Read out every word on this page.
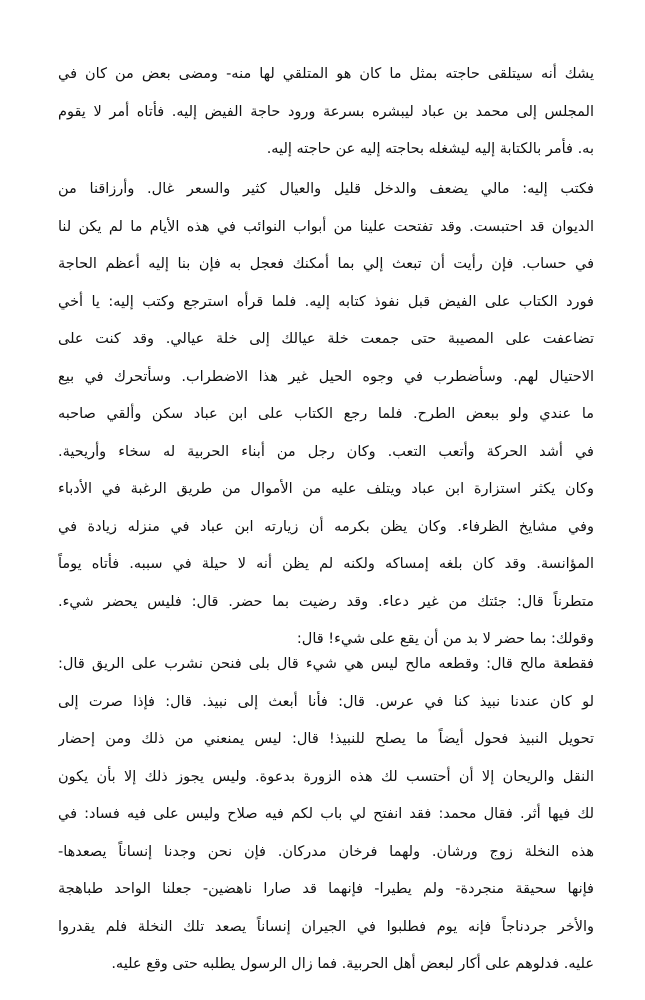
يشك أنه سيتلقى حاجته بمثل ما كان هو المتلقي لها منه- ومضى بعض من كان في
المجلس إلى محمد بن عباد ليبشره بسرعة ورود حاجة الفيض إليه. فأتاه أمر لا يقوم
به. فأمر بالكتابة إليه ليشغله بحاجته إليه عن حاجته إليه.
فكتب إليه: مالي يضعف والدخل قليل والعيال كثير والسعر غال. وأرزاقنا من
الديوان قد احتبست. وقد تفتحت علينا من أبواب النوائب في هذه الأيام ما لم يكن لنا
في حساب. فإن رأيت أن تبعث إلي بما أمكنك فعجل به فإن بنا إليه أعظم الحاجة
فورد الكتاب على الفيض قبل نفوذ كتابه إليه. فلما قرأه استرجع وكتب إليه: يا أخي
تضاعفت على المصيبة حتى جمعت خلة عيالك إلى خلة عيالي. وقد كنت على
الاحتيال لهم. وسأضطرب في وجوه الحيل غير هذا الاضطراب. وسأتحرك في بيع
ما عندي ولو ببعض الطرح. فلما رجع الكتاب على ابن عباد سكن وألقي صاحبه
في أشد الحركة وأتعب التعب. وكان رجل من أبناء الحربية له سخاء وأريحية.
وكان يكثر استزارة ابن عباد ويتلف عليه من الأموال من طريق الرغبة في الأدباء
وفي مشايخ الظرفاء. وكان يظن بكرمه أن زيارته ابن عباد في منزله زيادة في
المؤانسة. وقد كان بلغه إمساكه ولكنه لم يظن أنه لا حيلة في سببه. فأتاه يوماً
متطرناً قال: جئتك من غير دعاء. وقد رضيت بما حضر. قال: فليس يحضر شيء.
وقولك: بما حضر لا بد من أن يقع على شيء! قال:
فقطعة مالح قال: وقطعه مالح ليس هي شيء قال بلى فنحن نشرب على الريق قال:
لو كان عندنا نبيذ كنا في عرس. قال: فأنا أبعث إلى نبيذ. قال: فإذا صرت إلى
تحويل النبيذ فحول أيضاً ما يصلح للنبيذ! قال: ليس يمنعني من ذلك ومن إحضار
النقل والريحان إلا أن أحتسب لك هذه الزورة بدعوة. وليس يجوز ذلك إلا بأن يكون
لك فيها أثر. فقال محمد: فقد انفتح لي باب لكم فيه صلاح وليس على فيه فساد: في
هذه النخلة زوج ورشان. ولهما فرخان مدركان. فإن نحن وجدنا إنساناً يصعدها-
فإنها سحيقة منجردة- ولم يطيرا- فإنهما قد صارا ناهضين- جعلنا الواحد طباهجة
والأخر جردناجاً فإنه يوم فطلبوا في الجيران إنساناً يصعد تلك النخلة فلم يقدروا
عليه. فدلوهم على أكار لبعض أهل الحربية. فما زال الرسول يطلبه حتى وقع عليه.
